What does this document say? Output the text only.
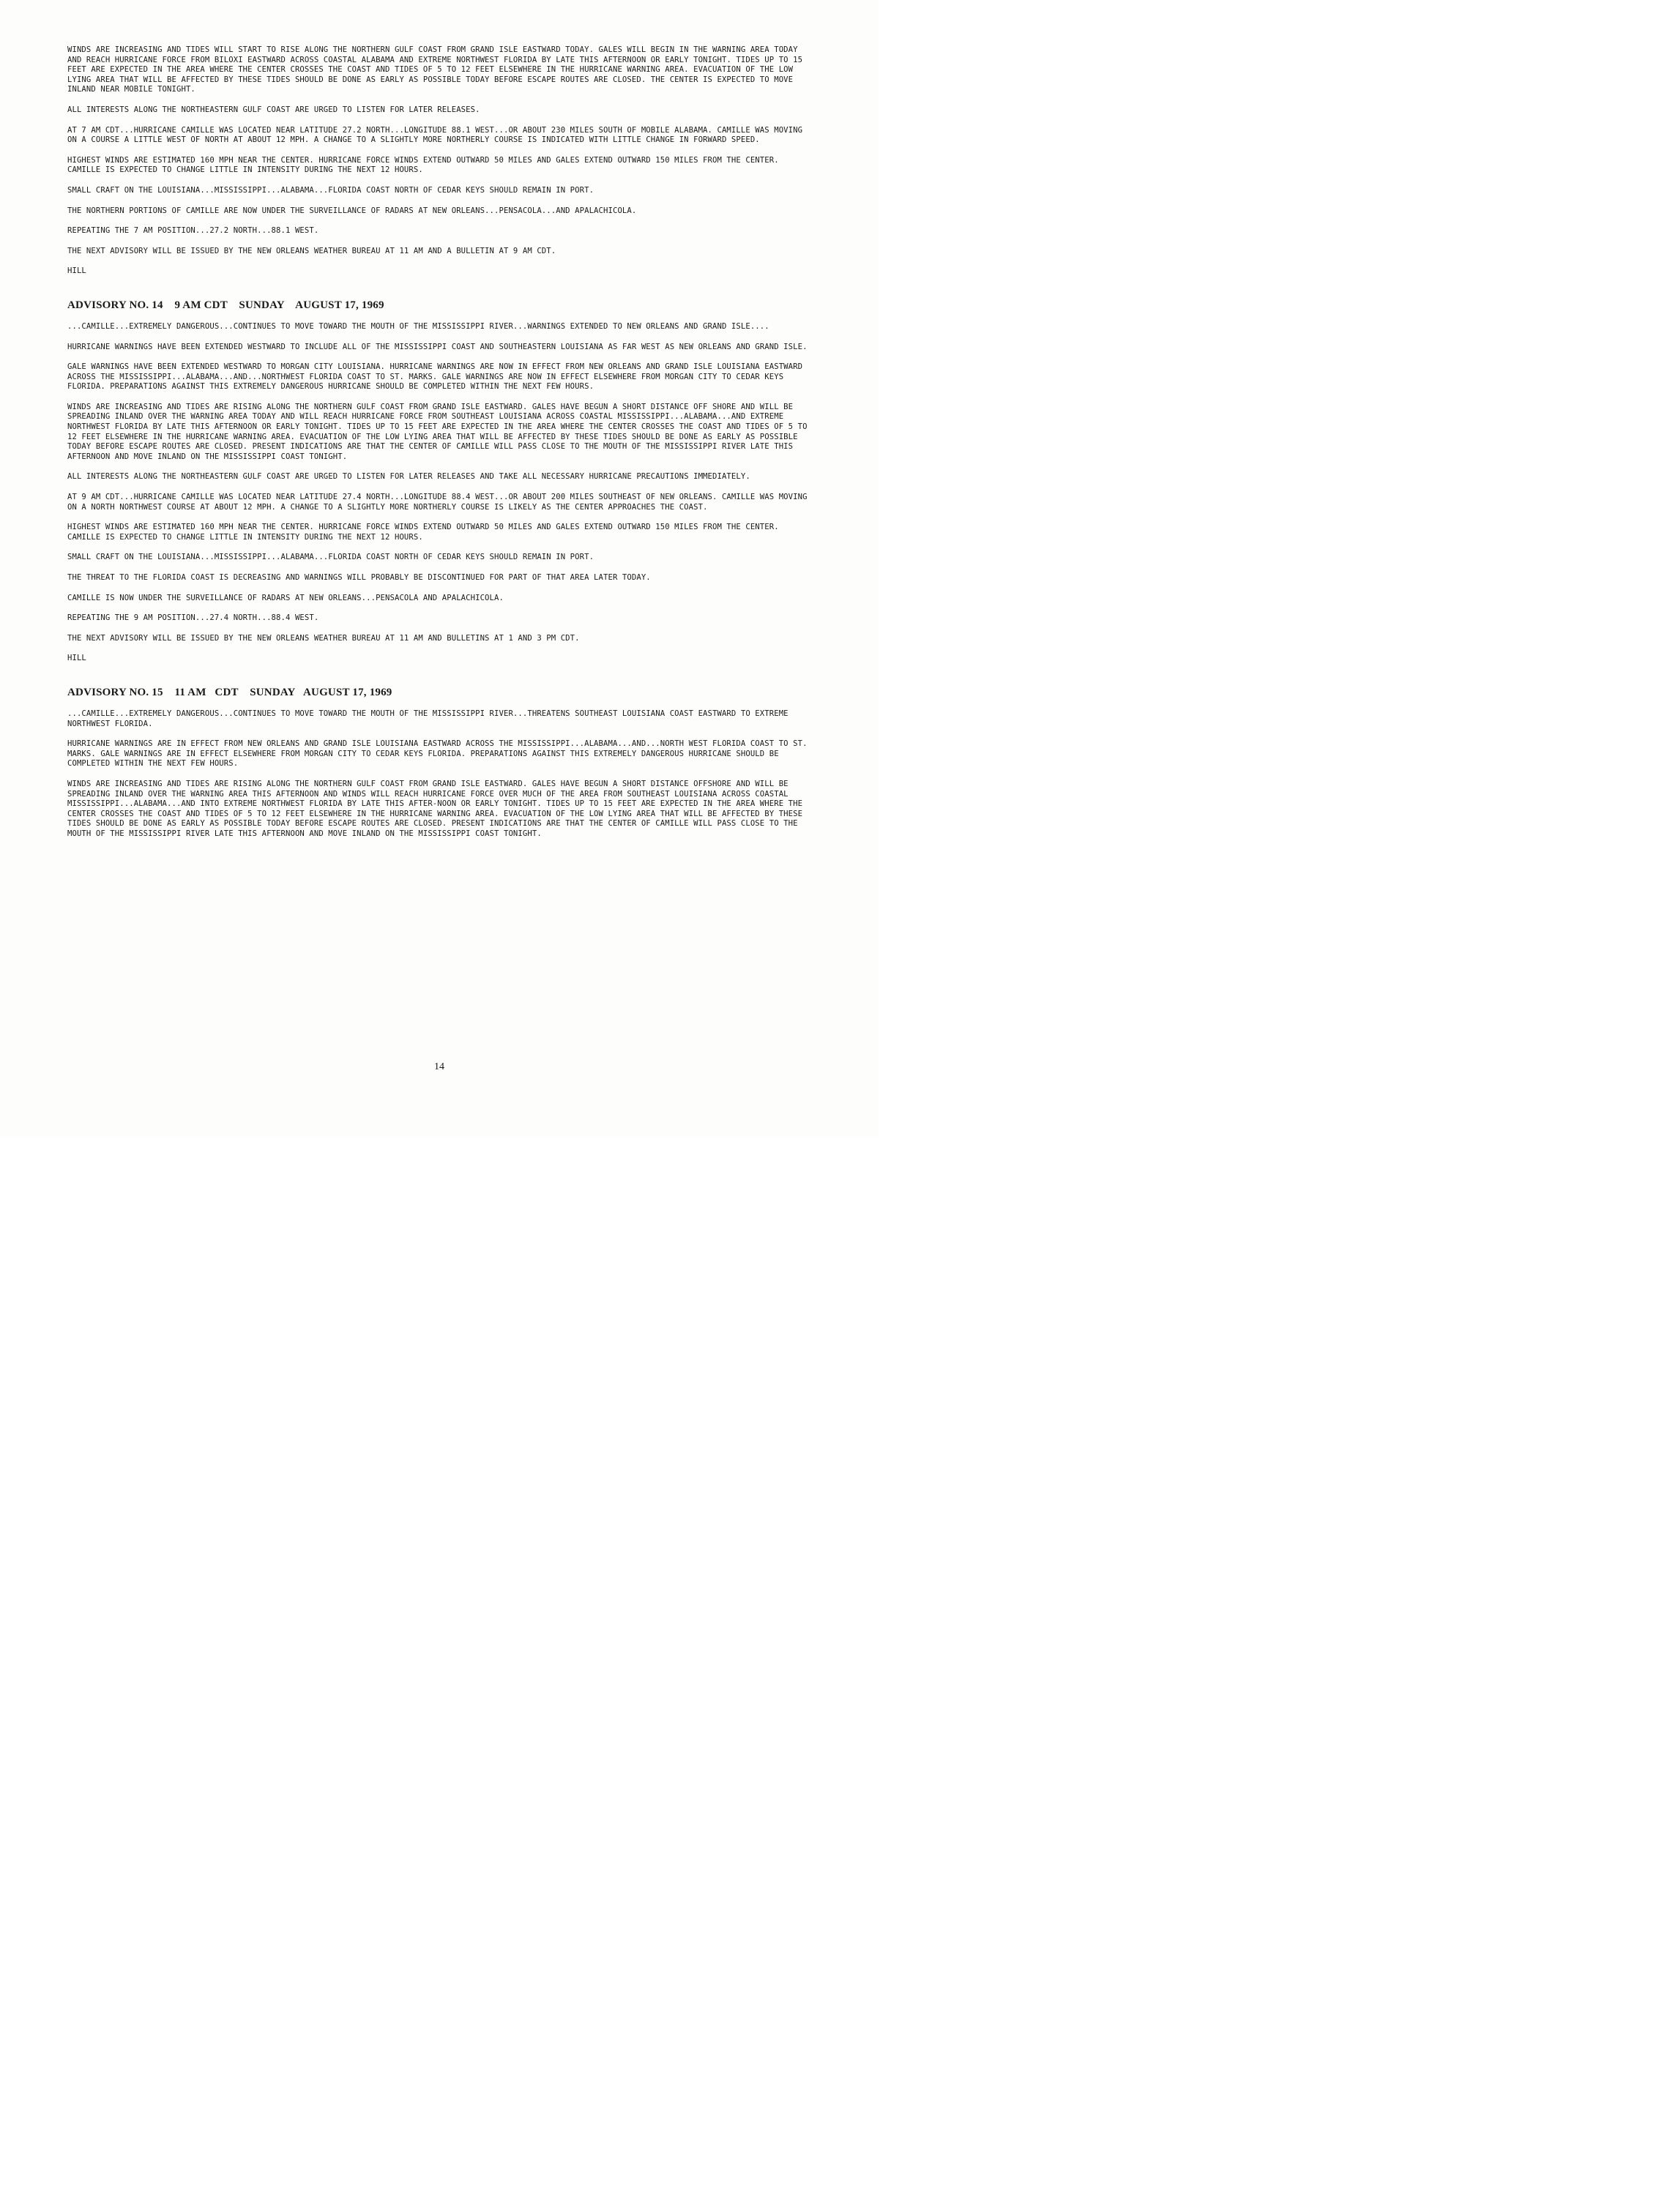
WINDS ARE INCREASING AND TIDES WILL START TO RISE ALONG THE NORTHERN GULF COAST FROM GRAND ISLE EASTWARD TODAY. GALES WILL BEGIN IN THE WARNING AREA TODAY AND REACH HURRICANE FORCE FROM BILOXI EASTWARD ACROSS COASTAL ALABAMA AND EXTREME NORTHWEST FLORIDA BY LATE THIS AFTERNOON OR EARLY TONIGHT. TIDES UP TO 15 FEET ARE EXPECTED IN THE AREA WHERE THE CENTER CROSSES THE COAST AND TIDES OF 5 TO 12 FEET ELSEWHERE IN THE HURRICANE WARNING AREA. EVACUATION OF THE LOW LYING AREA THAT WILL BE AFFECTED BY THESE TIDES SHOULD BE DONE AS EARLY AS POSSIBLE TODAY BEFORE ESCAPE ROUTES ARE CLOSED. THE CENTER IS EXPECTED TO MOVE INLAND NEAR MOBILE TONIGHT.

ALL INTERESTS ALONG THE NORTHEASTERN GULF COAST ARE URGED TO LISTEN FOR LATER RELEASES.

AT 7 AM CDT...HURRICANE CAMILLE WAS LOCATED NEAR LATITUDE 27.2 NORTH...LONGITUDE 88.1 WEST...OR ABOUT 230 MILES SOUTH OF MOBILE ALABAMA. CAMILLE WAS MOVING ON A COURSE A LITTLE WEST OF NORTH AT ABOUT 12 MPH. A CHANGE TO A SLIGHTLY MORE NORTHERLY COURSE IS INDICATED WITH LITTLE CHANGE IN FORWARD SPEED.

HIGHEST WINDS ARE ESTIMATED 160 MPH NEAR THE CENTER. HURRICANE FORCE WINDS EXTEND OUTWARD 50 MILES AND GALES EXTEND OUTWARD 150 MILES FROM THE CENTER. CAMILLE IS EXPECTED TO CHANGE LITTLE IN INTENSITY DURING THE NEXT 12 HOURS.

SMALL CRAFT ON THE LOUISIANA...MISSISSIPPI...ALABAMA...FLORIDA COAST NORTH OF CEDAR KEYS SHOULD REMAIN IN PORT.

THE NORTHERN PORTIONS OF CAMILLE ARE NOW UNDER THE SURVEILLANCE OF RADARS AT NEW ORLEANS...PENSACOLA...AND APALACHICOLA.

REPEATING THE 7 AM POSITION...27.2 NORTH...88.1 WEST.

THE NEXT ADVISORY WILL BE ISSUED BY THE NEW ORLEANS WEATHER BUREAU AT 11 AM AND A BULLETIN AT 9 AM CDT.

HILL

ADVISORY NO. 14    9 AM CDT    SUNDAY    AUGUST 17, 1969

...CAMILLE...EXTREMELY DANGEROUS...CONTINUES TO MOVE TOWARD THE MOUTH OF THE MISSISSIPPI RIVER...WARNINGS EXTENDED TO NEW ORLEANS AND GRAND ISLE....

HURRICANE WARNINGS HAVE BEEN EXTENDED WESTWARD TO INCLUDE ALL OF THE MISSISSIPPI COAST AND SOUTHEASTERN LOUISIANA AS FAR WEST AS NEW ORLEANS AND GRAND ISLE.

GALE WARNINGS HAVE BEEN EXTENDED WESTWARD TO MORGAN CITY LOUISIANA. HURRICANE WARNINGS ARE NOW IN EFFECT FROM NEW ORLEANS AND GRAND ISLE LOUISIANA EASTWARD ACROSS THE MISSISSIPPI...ALABAMA...AND...NORTHWEST FLORIDA COAST TO ST. MARKS. GALE WARNINGS ARE NOW IN EFFECT ELSEWHERE FROM MORGAN CITY TO CEDAR KEYS FLORIDA. PREPARATIONS AGAINST THIS EXTREMELY DANGEROUS HURRICANE SHOULD BE COMPLETED WITHIN THE NEXT FEW HOURS.

WINDS ARE INCREASING AND TIDES ARE RISING ALONG THE NORTHERN GULF COAST FROM GRAND ISLE EASTWARD. GALES HAVE BEGUN A SHORT DISTANCE OFF SHORE AND WILL BE SPREADING INLAND OVER THE WARNING AREA TODAY AND WILL REACH HURRICANE FORCE FROM SOUTHEAST LOUISIANA ACROSS COASTAL MISSISSIPPI...ALABAMA...AND EXTREME NORTHWEST FLORIDA BY LATE THIS AFTERNOON OR EARLY TONIGHT. TIDES UP TO 15 FEET ARE EXPECTED IN THE AREA WHERE THE CENTER CROSSES THE COAST AND TIDES OF 5 TO 12 FEET ELSEWHERE IN THE HURRICANE WARNING AREA. EVACUATION OF THE LOW LYING AREA THAT WILL BE AFFECTED BY THESE TIDES SHOULD BE DONE AS EARLY AS POSSIBLE TODAY BEFORE ESCAPE ROUTES ARE CLOSED. PRESENT INDICATIONS ARE THAT THE CENTER OF CAMILLE WILL PASS CLOSE TO THE MOUTH OF THE MISSISSIPPI RIVER LATE THIS AFTERNOON AND MOVE INLAND ON THE MISSISSIPPI COAST TONIGHT.

ALL INTERESTS ALONG THE NORTHEASTERN GULF COAST ARE URGED TO LISTEN FOR LATER RELEASES AND TAKE ALL NECESSARY HURRICANE PRECAUTIONS IMMEDIATELY.

AT 9 AM CDT...HURRICANE CAMILLE WAS LOCATED NEAR LATITUDE 27.4 NORTH...LONGITUDE 88.4 WEST...OR ABOUT 200 MILES SOUTHEAST OF NEW ORLEANS. CAMILLE WAS MOVING ON A NORTH NORTHWEST COURSE AT ABOUT 12 MPH. A CHANGE TO A SLIGHTLY MORE NORTHERLY COURSE IS LIKELY AS THE CENTER APPROACHES THE COAST.

HIGHEST WINDS ARE ESTIMATED 160 MPH NEAR THE CENTER. HURRICANE FORCE WINDS EXTEND OUTWARD 50 MILES AND GALES EXTEND OUTWARD 150 MILES FROM THE CENTER. CAMILLE IS EXPECTED TO CHANGE LITTLE IN INTENSITY DURING THE NEXT 12 HOURS.

SMALL CRAFT ON THE LOUISIANA...MISSISSIPPI...ALABAMA...FLORIDA COAST NORTH OF CEDAR KEYS SHOULD REMAIN IN PORT.

THE THREAT TO THE FLORIDA COAST IS DECREASING AND WARNINGS WILL PROBABLY BE DISCONTINUED FOR PART OF THAT AREA LATER TODAY.

CAMILLE IS NOW UNDER THE SURVEILLANCE OF RADARS AT NEW ORLEANS...PENSACOLA AND APALACHICOLA.

REPEATING THE 9 AM POSITION...27.4 NORTH...88.4 WEST.

THE NEXT ADVISORY WILL BE ISSUED BY THE NEW ORLEANS WEATHER BUREAU AT 11 AM AND BULLETINS AT 1 AND 3 PM CDT.

HILL

ADVISORY NO. 15    11 AM   CDT    SUNDAY   AUGUST 17, 1969

...CAMILLE...EXTREMELY DANGEROUS...CONTINUES TO MOVE TOWARD THE MOUTH OF THE MISSISSIPPI RIVER...THREATENS SOUTHEAST LOUISIANA COAST EASTWARD TO EXTREME NORTHWEST FLORIDA.

HURRICANE WARNINGS ARE IN EFFECT FROM NEW ORLEANS AND GRAND ISLE LOUISIANA EASTWARD ACROSS THE MISSISSIPPI...ALABAMA...AND...NORTH WEST FLORIDA COAST TO ST. MARKS. GALE WARNINGS ARE IN EFFECT ELSEWHERE FROM MORGAN CITY TO CEDAR KEYS FLORIDA. PREPARATIONS AGAINST THIS EXTREMELY DANGEROUS HURRICANE SHOULD BE COMPLETED WITHIN THE NEXT FEW HOURS.

WINDS ARE INCREASING AND TIDES ARE RISING ALONG THE NORTHERN GULF COAST FROM GRAND ISLE EASTWARD. GALES HAVE BEGUN A SHORT DISTANCE OFFSHORE AND WILL BE SPREADING INLAND OVER THE WARNING AREA THIS AFTERNOON AND WINDS WILL REACH HURRICANE FORCE OVER MUCH OF THE AREA FROM SOUTHEAST LOUISIANA ACROSS COASTAL MISSISSIPPI...ALABAMA...AND INTO EXTREME NORTHWEST FLORIDA BY LATE THIS AFTER-NOON OR EARLY TONIGHT. TIDES UP TO 15 FEET ARE EXPECTED IN THE AREA WHERE THE CENTER CROSSES THE COAST AND TIDES OF 5 TO 12 FEET ELSEWHERE IN THE HURRICANE WARNING AREA. EVACUATION OF THE LOW LYING AREA THAT WILL BE AFFECTED BY THESE TIDES SHOULD BE DONE AS EARLY AS POSSIBLE TODAY BEFORE ESCAPE ROUTES ARE CLOSED. PRESENT INDICATIONS ARE THAT THE CENTER OF CAMILLE WILL PASS CLOSE TO THE MOUTH OF THE MISSISSIPPI RIVER LATE THIS AFTERNOON AND MOVE INLAND ON THE MISSISSIPPI COAST TONIGHT.

14
